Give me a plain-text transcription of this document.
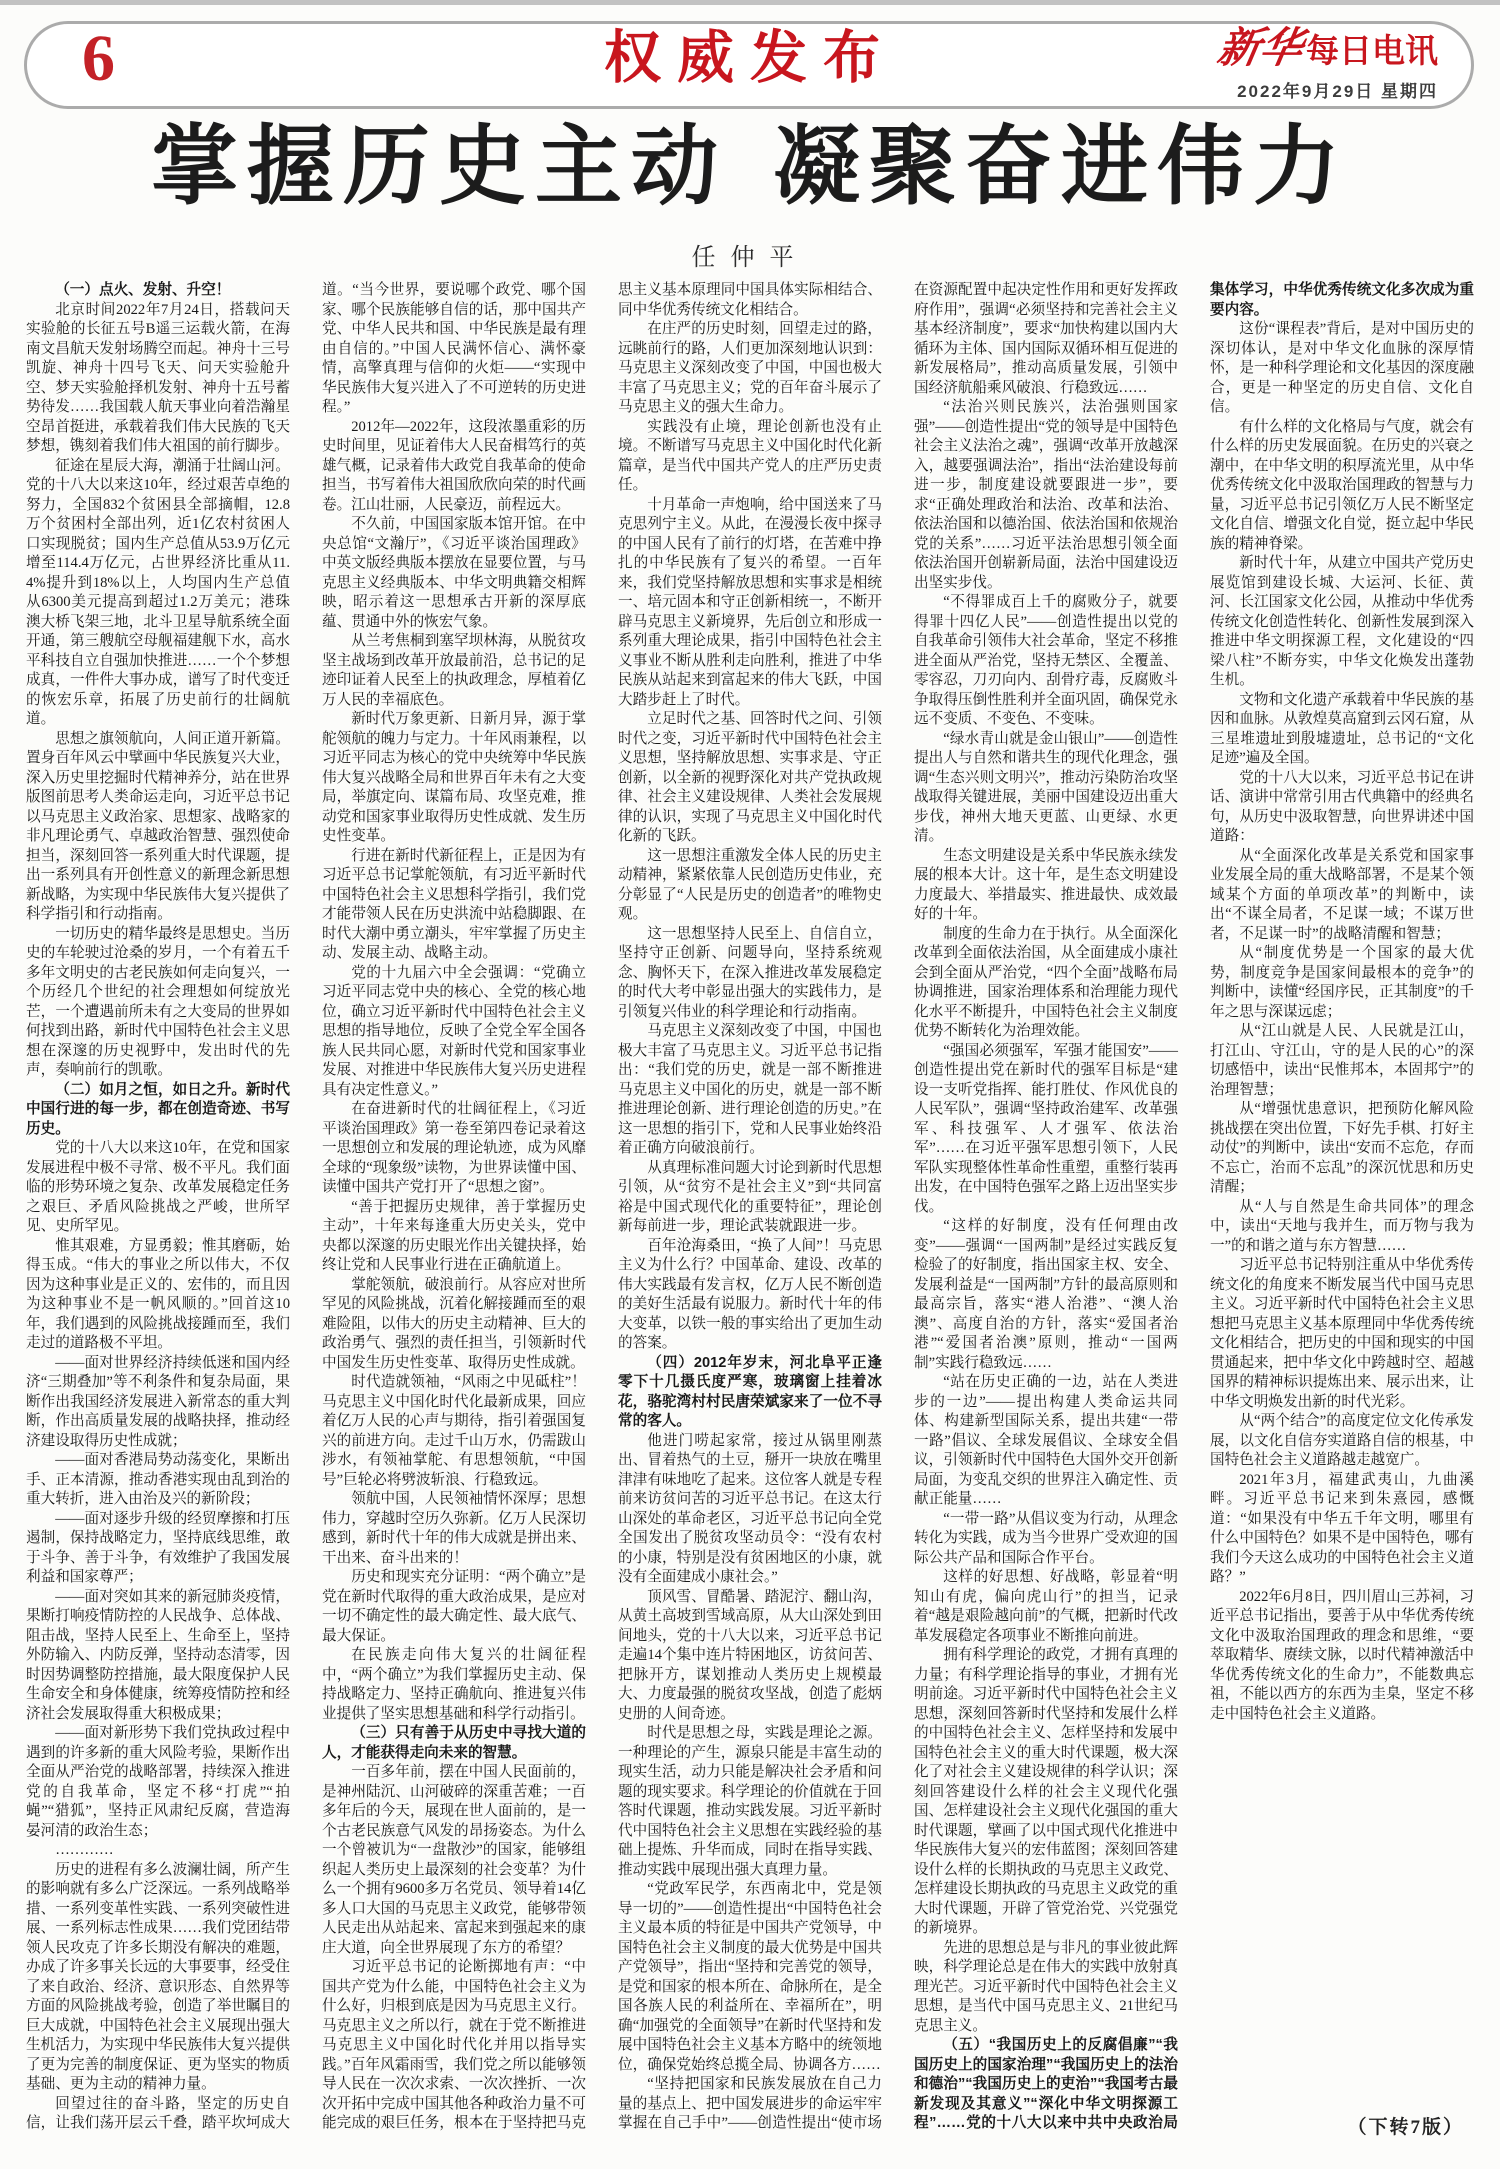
6	权威发布	新华每日电讯
2022年9月29日 星期四
掌握历史主动 凝聚奋进伟力
任仲平

（一）点火、发射、升空！

北京时间2022年7月24日，搭载问天实验舱的长征五号B遥三运载火箭，在海南文昌航天发射场腾空而起。神舟十三号凯旋、神舟十四号飞天、问天实验舱升空、梦天实验舱择机发射、神舟十五号蓄势待发……我国载人航天事业向着浩瀚星空昂首挺进，承载着我们伟大民族的飞天梦想，镌刻着我们伟大祖国的前行脚步。

征途在星辰大海，潮涌于壮阔山河。党的十八大以来这10年，经过艰苦卓绝的努力，全国832个贫困县全部摘帽，12.8万个贫困村全部出列，近1亿农村贫困人口实现脱贫；国内生产总值从53.9万亿元增至114.4万亿元，占世界经济比重从11.4%提升到18%以上，人均国内生产总值从6300美元提高到超过1.2万美元；港珠澳大桥飞架三地，北斗卫星导航系统全面开通，第三艘航空母舰福建舰下水，高水平科技自立自强加快推进……一个个梦想成真，一件件大事办成，谱写了时代变迁的恢宏乐章，拓展了历史前行的壮阔航道。

思想之旗领航向，人间正道开新篇。置身百年风云中擘画中华民族复兴大业，深入历史里挖掘时代精神养分，站在世界版图前思考人类命运走向，习近平总书记以马克思主义政治家、思想家、战略家的非凡理论勇气、卓越政治智慧、强烈使命担当，深刻回答一系列重大时代课题，提出一系列具有开创性意义的新理念新思想新战略，为实现中华民族伟大复兴提供了科学指引和行动指南。

一切历史的精华最终是思想史。当历史的车轮驶过沧桑的岁月，一个有着五千多年文明史的古老民族如何走向复兴，一个历经几个世纪的社会理想如何绽放光芒，一个遭遇前所未有之大变局的世界如何找到出路，新时代中国特色社会主义思想在深邃的历史视野中，发出时代的先声，奏响前行的凯歌。

（二）如月之恒，如日之升。新时代中国行进的每一步，都在创造奇迹、书写历史。

党的十八大以来这10年，在党和国家发展进程中极不寻常、极不平凡。我们面临的形势环境之复杂、改革发展稳定任务之艰巨、矛盾风险挑战之严峻，世所罕见、史所罕见。

惟其艰难，方显勇毅；惟其磨砺，始得玉成。“伟大的事业之所以伟大，不仅因为这种事业是正义的、宏伟的，而且因为这种事业不是一帆风顺的。”回首这10年，我们遇到的风险挑战接踵而至，我们走过的道路极不平坦。

——面对世界经济持续低迷和国内经济“三期叠加”等不利条件和复杂局面，果断作出我国经济发展进入新常态的重大判断，作出高质量发展的战略抉择，推动经济建设取得历史性成就；

——面对香港局势动荡变化，果断出手、正本清源，推动香港实现由乱到治的重大转折，进入由治及兴的新阶段；

——面对逐步升级的经贸摩擦和打压遏制，保持战略定力，坚持底线思维，敢于斗争、善于斗争，有效维护了我国发展利益和国家尊严；

——面对突如其来的新冠肺炎疫情，果断打响疫情防控的人民战争、总体战、阻击战，坚持人民至上、生命至上，坚持外防输入、内防反弹，坚持动态清零，因时因势调整防控措施，最大限度保护人民生命安全和身体健康，统筹疫情防控和经济社会发展取得重大积极成果；

——面对新形势下我们党执政过程中遇到的许多新的重大风险考验，果断作出全面从严治党的战略部署，持续深入推进党的自我革命，坚定不移“打虎”“拍蝇”“猎狐”，坚持正风肃纪反腐，营造海晏河清的政治生态；

…………

历史的进程有多么波澜壮阔，所产生的影响就有多么广泛深远。一系列战略举措、一系列变革性实践、一系列突破性进展、一系列标志性成果……我们党团结带领人民攻克了许多长期没有解决的难题，办成了许多事关长远的大事要事，经受住了来自政治、经济、意识形态、自然界等方面的风险挑战考验，创造了举世瞩目的巨大成就，中国特色社会主义展现出强大生机活力，为实现中华民族伟大复兴提供了更为完善的制度保证、更为坚实的物质基础、更为主动的精神力量。

回望过往的奋斗路，坚定的历史自信，让我们荡开层云千叠，踏平坎坷成大道。“当今世界，要说哪个政党、哪个国家、哪个民族能够自信的话，那中国共产党、中华人民共和国、中华民族是最有理由自信的。”中国人民满怀信心、满怀豪情，高擎真理与信仰的火炬——“实现中华民族伟大复兴进入了不可逆转的历史进程。”

2012年—2022年，这段浓墨重彩的历史时间里，见证着伟大人民奋楫笃行的英雄气概，记录着伟大政党自我革命的使命担当，书写着伟大祖国欣欣向荣的时代画卷。江山壮丽，人民豪迈，前程远大。

不久前，中国国家版本馆开馆。在中央总馆“文瀚厅”，《习近平谈治国理政》中英文版经典版本摆放在显要位置，与马克思主义经典版本、中华文明典籍交相辉映，昭示着这一思想承古开新的深厚底蕴、贯通中外的恢宏气象。

从兰考焦桐到塞罕坝林海，从脱贫攻坚主战场到改革开放最前沿，总书记的足迹印证着人民至上的执政理念，厚植着亿万人民的幸福底色。

新时代万象更新、日新月异，源于掌舵领航的魄力与定力。十年风雨兼程，以习近平同志为核心的党中央统筹中华民族伟大复兴战略全局和世界百年未有之大变局，举旗定向、谋篇布局、攻坚克难，推动党和国家事业取得历史性成就、发生历史性变革。

行进在新时代新征程上，正是因为有习近平总书记掌舵领航，有习近平新时代中国特色社会主义思想科学指引，我们党才能带领人民在历史洪流中站稳脚跟、在时代大潮中勇立潮头，牢牢掌握了历史主动、发展主动、战略主动。

党的十九届六中全会强调：“党确立习近平同志党中央的核心、全党的核心地位，确立习近平新时代中国特色社会主义思想的指导地位，反映了全党全军全国各族人民共同心愿，对新时代党和国家事业发展、对推进中华民族伟大复兴历史进程具有决定性意义。”

在奋进新时代的壮阔征程上，《习近平谈治国理政》第一卷至第四卷记录着这一思想创立和发展的理论轨迹，成为风靡全球的“现象级”读物，为世界读懂中国、读懂中国共产党打开了“思想之窗”。

“善于把握历史规律，善于掌握历史主动”，十年来每逢重大历史关头，党中央都以深邃的历史眼光作出关键抉择，始终让党和人民事业行进在正确航道上。

掌舵领航，破浪前行。从容应对世所罕见的风险挑战，沉着化解接踵而至的艰难险阻，以伟大的历史主动精神、巨大的政治勇气、强烈的责任担当，引领新时代中国发生历史性变革、取得历史性成就。

时代造就领袖，“风雨之中见砥柱”！马克思主义中国化时代化最新成果，回应着亿万人民的心声与期待，指引着强国复兴的前进方向。走过千山万水，仍需跋山涉水，有领袖掌舵、有思想领航，“中国号”巨轮必将劈波斩浪、行稳致远。

领航中国，人民领袖情怀深厚；思想伟力，穿越时空历久弥新。亿万人民深切感到，新时代十年的伟大成就是拼出来、干出来、奋斗出来的！

历史和现实充分证明：“两个确立”是党在新时代取得的重大政治成果，是应对一切不确定性的最大确定性、最大底气、最大保证。

在民族走向伟大复兴的壮阔征程中，“两个确立”为我们掌握历史主动、保持战略定力、坚持正确航向、推进复兴伟业提供了坚实思想基础和科学行动指引。

（三）只有善于从历史中寻找大道的人，才能获得走向未来的智慧。

一百多年前，摆在中国人民面前的，是神州陆沉、山河破碎的深重苦难；一百多年后的今天，展现在世人面前的，是一个古老民族意气风发的昂扬姿态。为什么一个曾被讥为“一盘散沙”的国家，能够组织起人类历史上最深刻的社会变革？为什么一个拥有9600多万名党员、领导着14亿多人口大国的马克思主义政党，能够带领人民走出从站起来、富起来到强起来的康庄大道，向全世界展现了东方的希望？

习近平总书记的论断掷地有声：“中国共产党为什么能，中国特色社会主义为什么好，归根到底是因为马克思主义行。马克思主义之所以行，就在于党不断推进马克思主义中国化时代化并用以指导实践。”百年风霜雨雪，我们党之所以能够领导人民在一次次求索、一次次挫折、一次次开拓中完成中国其他各种政治力量不可能完成的艰巨任务，根本在于坚持把马克思主义基本原理同中国具体实际相结合、同中华优秀传统文化相结合。

在庄严的历史时刻，回望走过的路，远眺前行的路，人们更加深刻地认识到：马克思主义深刻改变了中国，中国也极大丰富了马克思主义；党的百年奋斗展示了马克思主义的强大生命力。

实践没有止境，理论创新也没有止境。不断谱写马克思主义中国化时代化新篇章，是当代中国共产党人的庄严历史责任。

十月革命一声炮响，给中国送来了马克思列宁主义。从此，在漫漫长夜中探寻的中国人民有了前行的灯塔，在苦难中挣扎的中华民族有了复兴的希望。一百年来，我们党坚持解放思想和实事求是相统一、培元固本和守正创新相统一，不断开辟马克思主义新境界，先后创立和形成一系列重大理论成果，指引中国特色社会主义事业不断从胜利走向胜利，推进了中华民族从站起来到富起来的伟大飞跃，中国大踏步赶上了时代。

立足时代之基、回答时代之问、引领时代之变，习近平新时代中国特色社会主义思想，坚持解放思想、实事求是、守正创新，以全新的视野深化对共产党执政规律、社会主义建设规律、人类社会发展规律的认识，实现了马克思主义中国化时代化新的飞跃。

这一思想注重激发全体人民的历史主动精神，紧紧依靠人民创造历史伟业，充分彰显了“人民是历史的创造者”的唯物史观。

这一思想坚持人民至上、自信自立，坚持守正创新、问题导向，坚持系统观念、胸怀天下，在深入推进改革发展稳定的时代大考中彰显出强大的实践伟力，是引领复兴伟业的科学理论和行动指南。

马克思主义深刻改变了中国，中国也极大丰富了马克思主义。习近平总书记指出：“我们党的历史，就是一部不断推进马克思主义中国化的历史，就是一部不断推进理论创新、进行理论创造的历史。”在这一思想的指引下，党和人民事业始终沿着正确方向破浪前行。

从真理标准问题大讨论到新时代思想引领，从“贫穷不是社会主义”到“共同富裕是中国式现代化的重要特征”，理论创新每前进一步，理论武装就跟进一步。

百年沧海桑田，“换了人间”！马克思主义为什么行？中国革命、建设、改革的伟大实践最有发言权，亿万人民不断创造的美好生活最有说服力。新时代十年的伟大变革，以铁一般的事实给出了更加生动的答案。

（四）2012年岁末，河北阜平正逢零下十几摄氏度严寒，玻璃窗上挂着冰花，骆驼湾村村民唐荣斌家来了一位不寻常的客人。

他进门唠起家常，接过从锅里刚蒸出、冒着热气的土豆，掰开一块放在嘴里津津有味地吃了起来。这位客人就是专程前来访贫问苦的习近平总书记。在这太行山深处的革命老区，习近平总书记向全党全国发出了脱贫攻坚动员令：“没有农村的小康，特别是没有贫困地区的小康，就没有全面建成小康社会。”

顶风雪、冒酷暑、踏泥泞、翻山沟，从黄土高坡到雪域高原，从大山深处到田间地头，党的十八大以来，习近平总书记走遍14个集中连片特困地区，访贫问苦、把脉开方，谋划推动人类历史上规模最大、力度最强的脱贫攻坚战，创造了彪炳史册的人间奇迹。

时代是思想之母，实践是理论之源。一种理论的产生，源泉只能是丰富生动的现实生活，动力只能是解决社会矛盾和问题的现实要求。科学理论的价值就在于回答时代课题，推动实践发展。习近平新时代中国特色社会主义思想在实践经验的基础上提炼、升华而成，同时在指导实践、推动实践中展现出强大真理力量。

“党政军民学，东西南北中，党是领导一切的”——创造性提出“中国特色社会主义最本质的特征是中国共产党领导，中国特色社会主义制度的最大优势是中国共产党领导”，指出“坚持和完善党的领导，是党和国家的根本所在、命脉所在，是全国各族人民的利益所在、幸福所在”，明确“加强党的全面领导”在新时代坚持和发展中国特色社会主义基本方略中的统领地位，确保党始终总揽全局、协调各方……

“坚持把国家和民族发展放在自己力量的基点上、把中国发展进步的命运牢牢掌握在自己手中”——创造性提出“使市场在资源配置中起决定性作用和更好发挥政府作用”，强调“必须坚持和完善社会主义基本经济制度”，要求“加快构建以国内大循环为主体、国内国际双循环相互促进的新发展格局”，推动高质量发展，引领中国经济航船乘风破浪、行稳致远……

“法治兴则民族兴，法治强则国家强”——创造性提出“党的领导是中国特色社会主义法治之魂”，强调“改革开放越深入，越要强调法治”，指出“法治建设每前进一步，制度建设就要跟进一步”，要求“正确处理政治和法治、改革和法治、依法治国和以德治国、依法治国和依规治党的关系”……习近平法治思想引领全面依法治国开创崭新局面，法治中国建设迈出坚实步伐。

“不得罪成百上千的腐败分子，就要得罪十四亿人民”——创造性提出以党的自我革命引领伟大社会革命，坚定不移推进全面从严治党，坚持无禁区、全覆盖、零容忍，刀刃向内、刮骨疗毒，反腐败斗争取得压倒性胜利并全面巩固，确保党永远不变质、不变色、不变味。

“绿水青山就是金山银山”——创造性提出人与自然和谐共生的现代化理念，强调“生态兴则文明兴”，推动污染防治攻坚战取得关键进展，美丽中国建设迈出重大步伐，神州大地天更蓝、山更绿、水更清。

生态文明建设是关系中华民族永续发展的根本大计。这十年，是生态文明建设力度最大、举措最实、推进最快、成效最好的十年。

制度的生命力在于执行。从全面深化改革到全面依法治国，从全面建成小康社会到全面从严治党，“四个全面”战略布局协调推进，国家治理体系和治理能力现代化水平不断提升，中国特色社会主义制度优势不断转化为治理效能。

“强国必须强军，军强才能国安”——创造性提出党在新时代的强军目标是“建设一支听党指挥、能打胜仗、作风优良的人民军队”，强调“坚持政治建军、改革强军、科技强军、人才强军、依法治军”……在习近平强军思想引领下，人民军队实现整体性革命性重塑，重整行装再出发，在中国特色强军之路上迈出坚实步伐。

“这样的好制度，没有任何理由改变”——强调“一国两制”是经过实践反复检验了的好制度，指出国家主权、安全、发展利益是“一国两制”方针的最高原则和最高宗旨，落实“港人治港”、“澳人治澳”、高度自治的方针，落实“爱国者治港”“爱国者治澳”原则，推动“一国两制”实践行稳致远……

“站在历史正确的一边，站在人类进步的一边”——提出构建人类命运共同体、构建新型国际关系，提出共建“一带一路”倡议、全球发展倡议、全球安全倡议，引领新时代中国特色大国外交开创新局面，为变乱交织的世界注入确定性、贡献正能量……

“一带一路”从倡议变为行动，从理念转化为实践，成为当今世界广受欢迎的国际公共产品和国际合作平台。

这样的好思想、好战略，彰显着“明知山有虎，偏向虎山行”的担当，记录着“越是艰险越向前”的气概，把新时代改革发展稳定各项事业不断推向前进。

拥有科学理论的政党，才拥有真理的力量；有科学理论指导的事业，才拥有光明前途。习近平新时代中国特色社会主义思想，深刻回答新时代坚持和发展什么样的中国特色社会主义、怎样坚持和发展中国特色社会主义的重大时代课题，极大深化了对社会主义建设规律的科学认识；深刻回答建设什么样的社会主义现代化强国、怎样建设社会主义现代化强国的重大时代课题，擘画了以中国式现代化推进中华民族伟大复兴的宏伟蓝图；深刻回答建设什么样的长期执政的马克思主义政党、怎样建设长期执政的马克思主义政党的重大时代课题，开辟了管党治党、兴党强党的新境界。

先进的思想总是与非凡的事业彼此辉映，科学理论总是在伟大的实践中放射真理光芒。习近平新时代中国特色社会主义思想，是当代中国马克思主义、21世纪马克思主义。

（五）“我国历史上的反腐倡廉”“我国历史上的国家治理”“我国历史上的法治和德治”“我国历史上的吏治”“我国考古最新发现及其意义”“深化中华文明探源工程”……党的十八大以来中共中央政治局集体学习，中华优秀传统文化多次成为重要内容。

这份“课程表”背后，是对中国历史的深切体认，是对中华文化血脉的深厚情怀，是一种科学理论和文化基因的深度融合，更是一种坚定的历史自信、文化自信。

有什么样的文化格局与气度，就会有什么样的历史发展面貌。在历史的兴衰之潮中，在中华文明的积厚流光里，从中华优秀传统文化中汲取治国理政的智慧与力量，习近平总书记引领亿万人民不断坚定文化自信、增强文化自觉，挺立起中华民族的精神脊梁。

新时代十年，从建立中国共产党历史展览馆到建设长城、大运河、长征、黄河、长江国家文化公园，从推动中华优秀传统文化创造性转化、创新性发展到深入推进中华文明探源工程，文化建设的“四梁八柱”不断夯实，中华文化焕发出蓬勃生机。

文物和文化遗产承载着中华民族的基因和血脉。从敦煌莫高窟到云冈石窟，从三星堆遗址到殷墟遗址，总书记的“文化足迹”遍及全国。

党的十八大以来，习近平总书记在讲话、演讲中常常引用古代典籍中的经典名句，从历史中汲取智慧，向世界讲述中国道路：

从“全面深化改革是关系党和国家事业发展全局的重大战略部署，不是某个领域某个方面的单项改革”的判断中，读出“不谋全局者，不足谋一域；不谋万世者，不足谋一时”的战略清醒和智慧；

从“制度优势是一个国家的最大优势，制度竞争是国家间最根本的竞争”的判断中，读懂“经国序民，正其制度”的千年之思与深谋远虑；

从“江山就是人民、人民就是江山，打江山、守江山，守的是人民的心”的深切感悟中，读出“民惟邦本，本固邦宁”的治理智慧；

从“增强忧患意识，把预防化解风险挑战摆在突出位置，下好先手棋、打好主动仗”的判断中，读出“安而不忘危，存而不忘亡，治而不忘乱”的深沉忧思和历史清醒；

从“人与自然是生命共同体”的理念中，读出“天地与我并生，而万物与我为一”的和谐之道与东方智慧……

习近平总书记特别注重从中华优秀传统文化的角度来不断发展当代中国马克思主义。习近平新时代中国特色社会主义思想把马克思主义基本原理同中华优秀传统文化相结合，把历史的中国和现实的中国贯通起来，把中华文化中跨越时空、超越国界的精神标识提炼出来、展示出来，让中华文明焕发出新的时代光彩。

从“两个结合”的高度定位文化传承发展，以文化自信夯实道路自信的根基，中国特色社会主义道路越走越宽广。

2021年3月，福建武夷山，九曲溪畔。习近平总书记来到朱熹园，感慨道：“如果没有中华五千年文明，哪里有什么中国特色？如果不是中国特色，哪有我们今天这么成功的中国特色社会主义道路？”

2022年6月8日，四川眉山三苏祠，习近平总书记指出，要善于从中华优秀传统文化中汲取治国理政的理念和思维，“要萃取精华、赓续文脉，以时代精神激活中华优秀传统文化的生命力”，不能数典忘祖，不能以西方的东西为圭臬，坚定不移走中国特色社会主义道路。

（下转7版）
